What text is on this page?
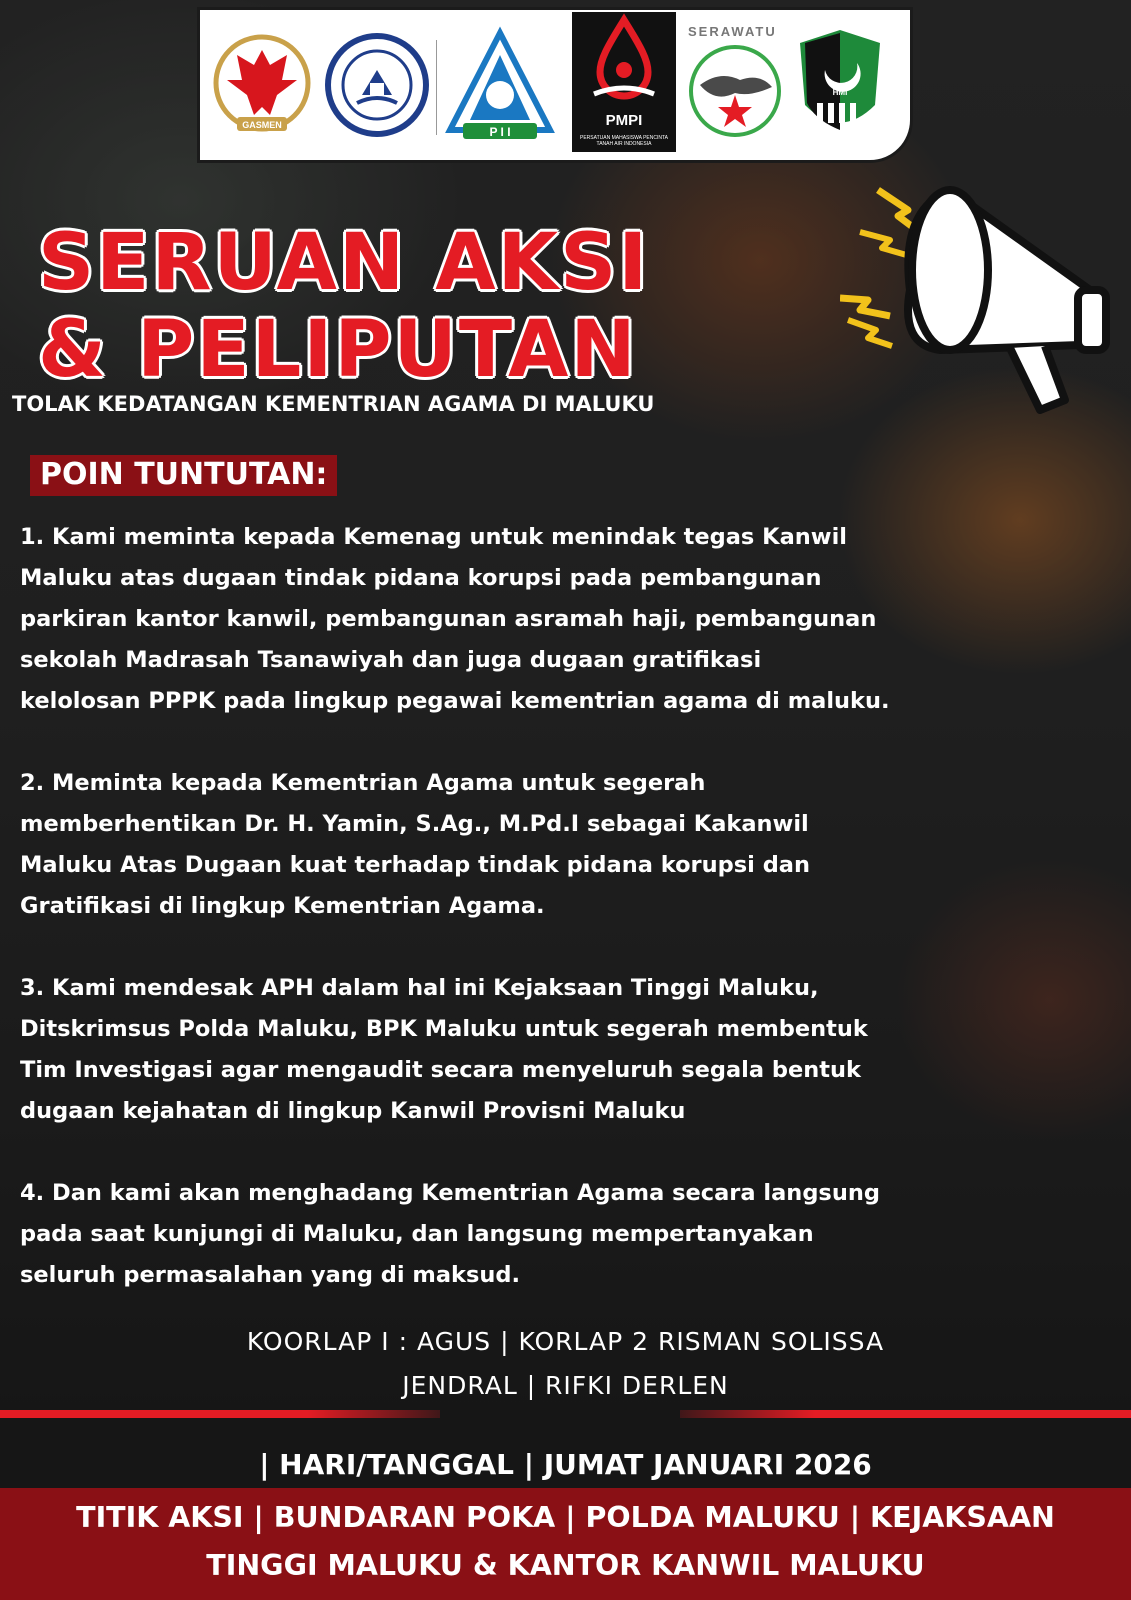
GASMEN	P I I
PMPI
PERSATUAN MAHASISWA PENCINTA TANAH AIR INDONESIA
SERAWATU
HMI
SERUAN AKSI
& PELIPUTAN
TOLAK KEDATANGAN KEMENTRIAN AGAMA DI MALUKU
POIN TUNTUTAN:
1. Kami meminta kepada Kemenag untuk menindak tegas Kanwil
Maluku atas dugaan tindak pidana korupsi pada pembangunan
parkiran kantor kanwil, pembangunan asramah haji, pembangunan
sekolah Madrasah Tsanawiyah dan juga dugaan gratifikasi
kelolosan PPPK pada lingkup pegawai kementrian agama di maluku.
2. Meminta kepada Kementrian Agama untuk segerah
memberhentikan Dr. H. Yamin, S.Ag., M.Pd.I sebagai Kakanwil
Maluku Atas Dugaan kuat terhadap tindak pidana korupsi dan
Gratifikasi di lingkup Kementrian Agama.
3. Kami mendesak APH dalam hal ini Kejaksaan Tinggi Maluku,
Ditskrimsus Polda Maluku, BPK Maluku untuk segerah membentuk
Tim Investigasi agar mengaudit secara menyeluruh segala bentuk
dugaan kejahatan di lingkup Kanwil Provisni Maluku
4. Dan kami akan menghadang Kementrian Agama secara langsung
pada saat kunjungi di Maluku, dan langsung mempertanyakan
seluruh permasalahan yang di maksud.
KOORLAP I : AGUS | KORLAP 2 RISMAN SOLISSA
JENDRAL | RIFKI DERLEN
| HARI/TANGGAL | JUMAT JANUARI 2026
TITIK AKSI | BUNDARAN POKA | POLDA MALUKU | KEJAKSAAN
TINGGI MALUKU & KANTOR KANWIL MALUKU
